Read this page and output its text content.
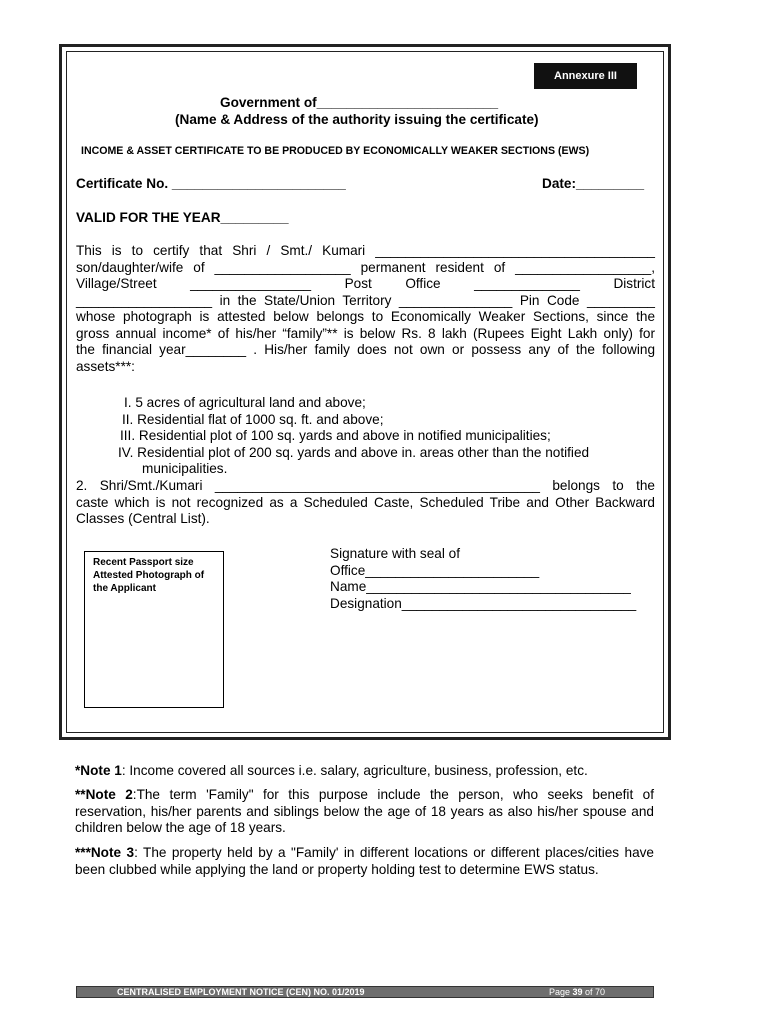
Annexure III
Government of________________________
(Name & Address of the authority issuing the certificate)
INCOME & ASSET CERTIFICATE TO BE PRODUCED BY ECONOMICALLY WEAKER SECTIONS (EWS)
Certificate No. _______________________	Date:_________
VALID FOR THE YEAR_________
This is to certify that Shri / Smt./ Kumari _____________________________________
son/daughter/wife of __________________ permanent resident of __________________,
Village/Street ________________ Post Office ______________ District
__________________ in the State/Union Territory _______________ Pin Code _________
whose photograph is attested below belongs to Economically Weaker Sections, since the
gross annual income* of his/her “family”** is below Rs. 8 lakh (Rupees Eight Lakh only) for
the financial year________ . His/her family does not own or possess any of the following
assets***:
I. 5 acres of agricultural land and above;
II. Residential flat of 1000 sq. ft. and above;
III. Residential plot of 100 sq. yards and above in notified municipalities;
IV. Residential plot of 200 sq. yards and above in. areas other than the notified
municipalities.
2. Shri/Smt./Kumari ___________________________________________ belongs to the
caste which is not recognized as a Scheduled Caste, Scheduled Tribe and Other Backward
Classes (Central List).
Recent Passport size Attested Photograph of the Applicant
Signature with seal of
Office_______________________
Name___________________________________
Designation_______________________________
*Note 1: Income covered all sources i.e. salary, agriculture, business, profession, etc.
**Note 2:The term 'Family" for this purpose include the person, who seeks benefit of reservation, his/her parents and siblings below the age of 18 years as also his/her spouse and children below the age of 18 years.
***Note 3: The property held by a "Family' in different locations or different places/cities have been clubbed while applying the land or property holding test to determine EWS status.
CENTRALISED EMPLOYMENT NOTICE (CEN) NO. 01/2019	Page 39 of 70
